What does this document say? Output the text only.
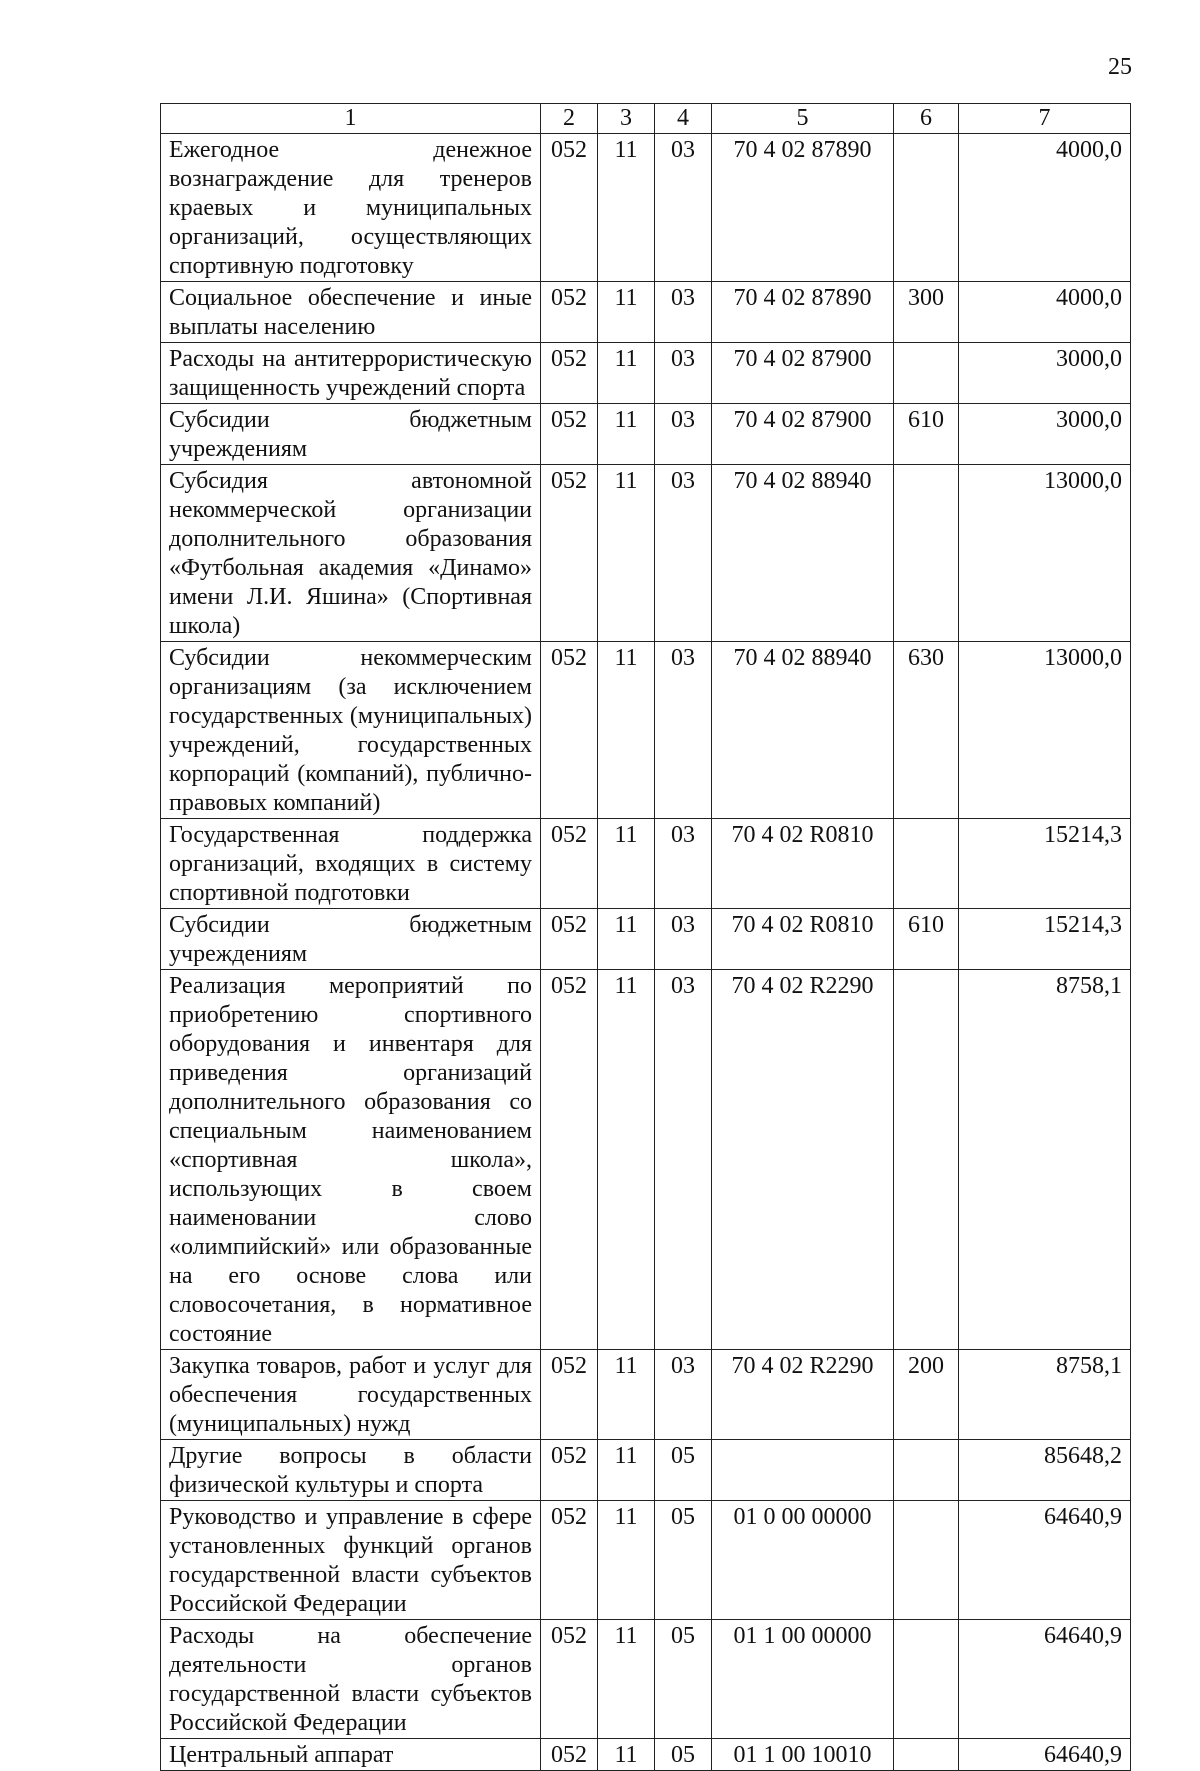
25
1	2	3	4	5	6	7
Ежегодное денежное вознаграждение для тренеров краевых и муниципальных организаций, осуществляющих спортивную подготовку	052	11	03	70 4 02 87890		4000,0
Социальное обеспечение и иные выплаты населению	052	11	03	70 4 02 87890	300	4000,0
Расходы на антитеррористическую защищенность учреждений спорта	052	11	03	70 4 02 87900		3000,0
Субсидии бюджетным учреждениям	052	11	03	70 4 02 87900	610	3000,0
Субсидия автономной некоммерческой организации дополнительного образования «Футбольная академия «Динамо» имени Л.И. Яшина» (Спортивная школа)	052	11	03	70 4 02 88940		13000,0
Субсидии некоммерческим организациям (за исключением государственных (муниципальных) учреждений, государственных корпораций (компаний), публично-правовых компаний)	052	11	03	70 4 02 88940	630	13000,0
Государственная поддержка организаций, входящих в систему спортивной подготовки	052	11	03	70 4 02 R0810		15214,3
Субсидии бюджетным учреждениям	052	11	03	70 4 02 R0810	610	15214,3
Реализация мероприятий по приобретению спортивного оборудования и инвентаря для приведения организаций дополнительного образования со специальным наименованием «спортивная школа», использующих в своем наименовании слово «олимпийский» или образованные на его основе слова или словосочетания, в нормативное состояние	052	11	03	70 4 02 R2290		8758,1
Закупка товаров, работ и услуг для обеспечения государственных (муниципальных) нужд	052	11	03	70 4 02 R2290	200	8758,1
Другие вопросы в области физической культуры и спорта	052	11	05			85648,2
Руководство и управление в сфере установленных функций органов государственной власти субъектов Российской Федерации	052	11	05	01 0 00 00000		64640,9
Расходы на обеспечение деятельности органов государственной власти субъектов Российской Федерации	052	11	05	01 1 00 00000		64640,9
Центральный аппарат	052	11	05	01 1 00 10010		64640,9
